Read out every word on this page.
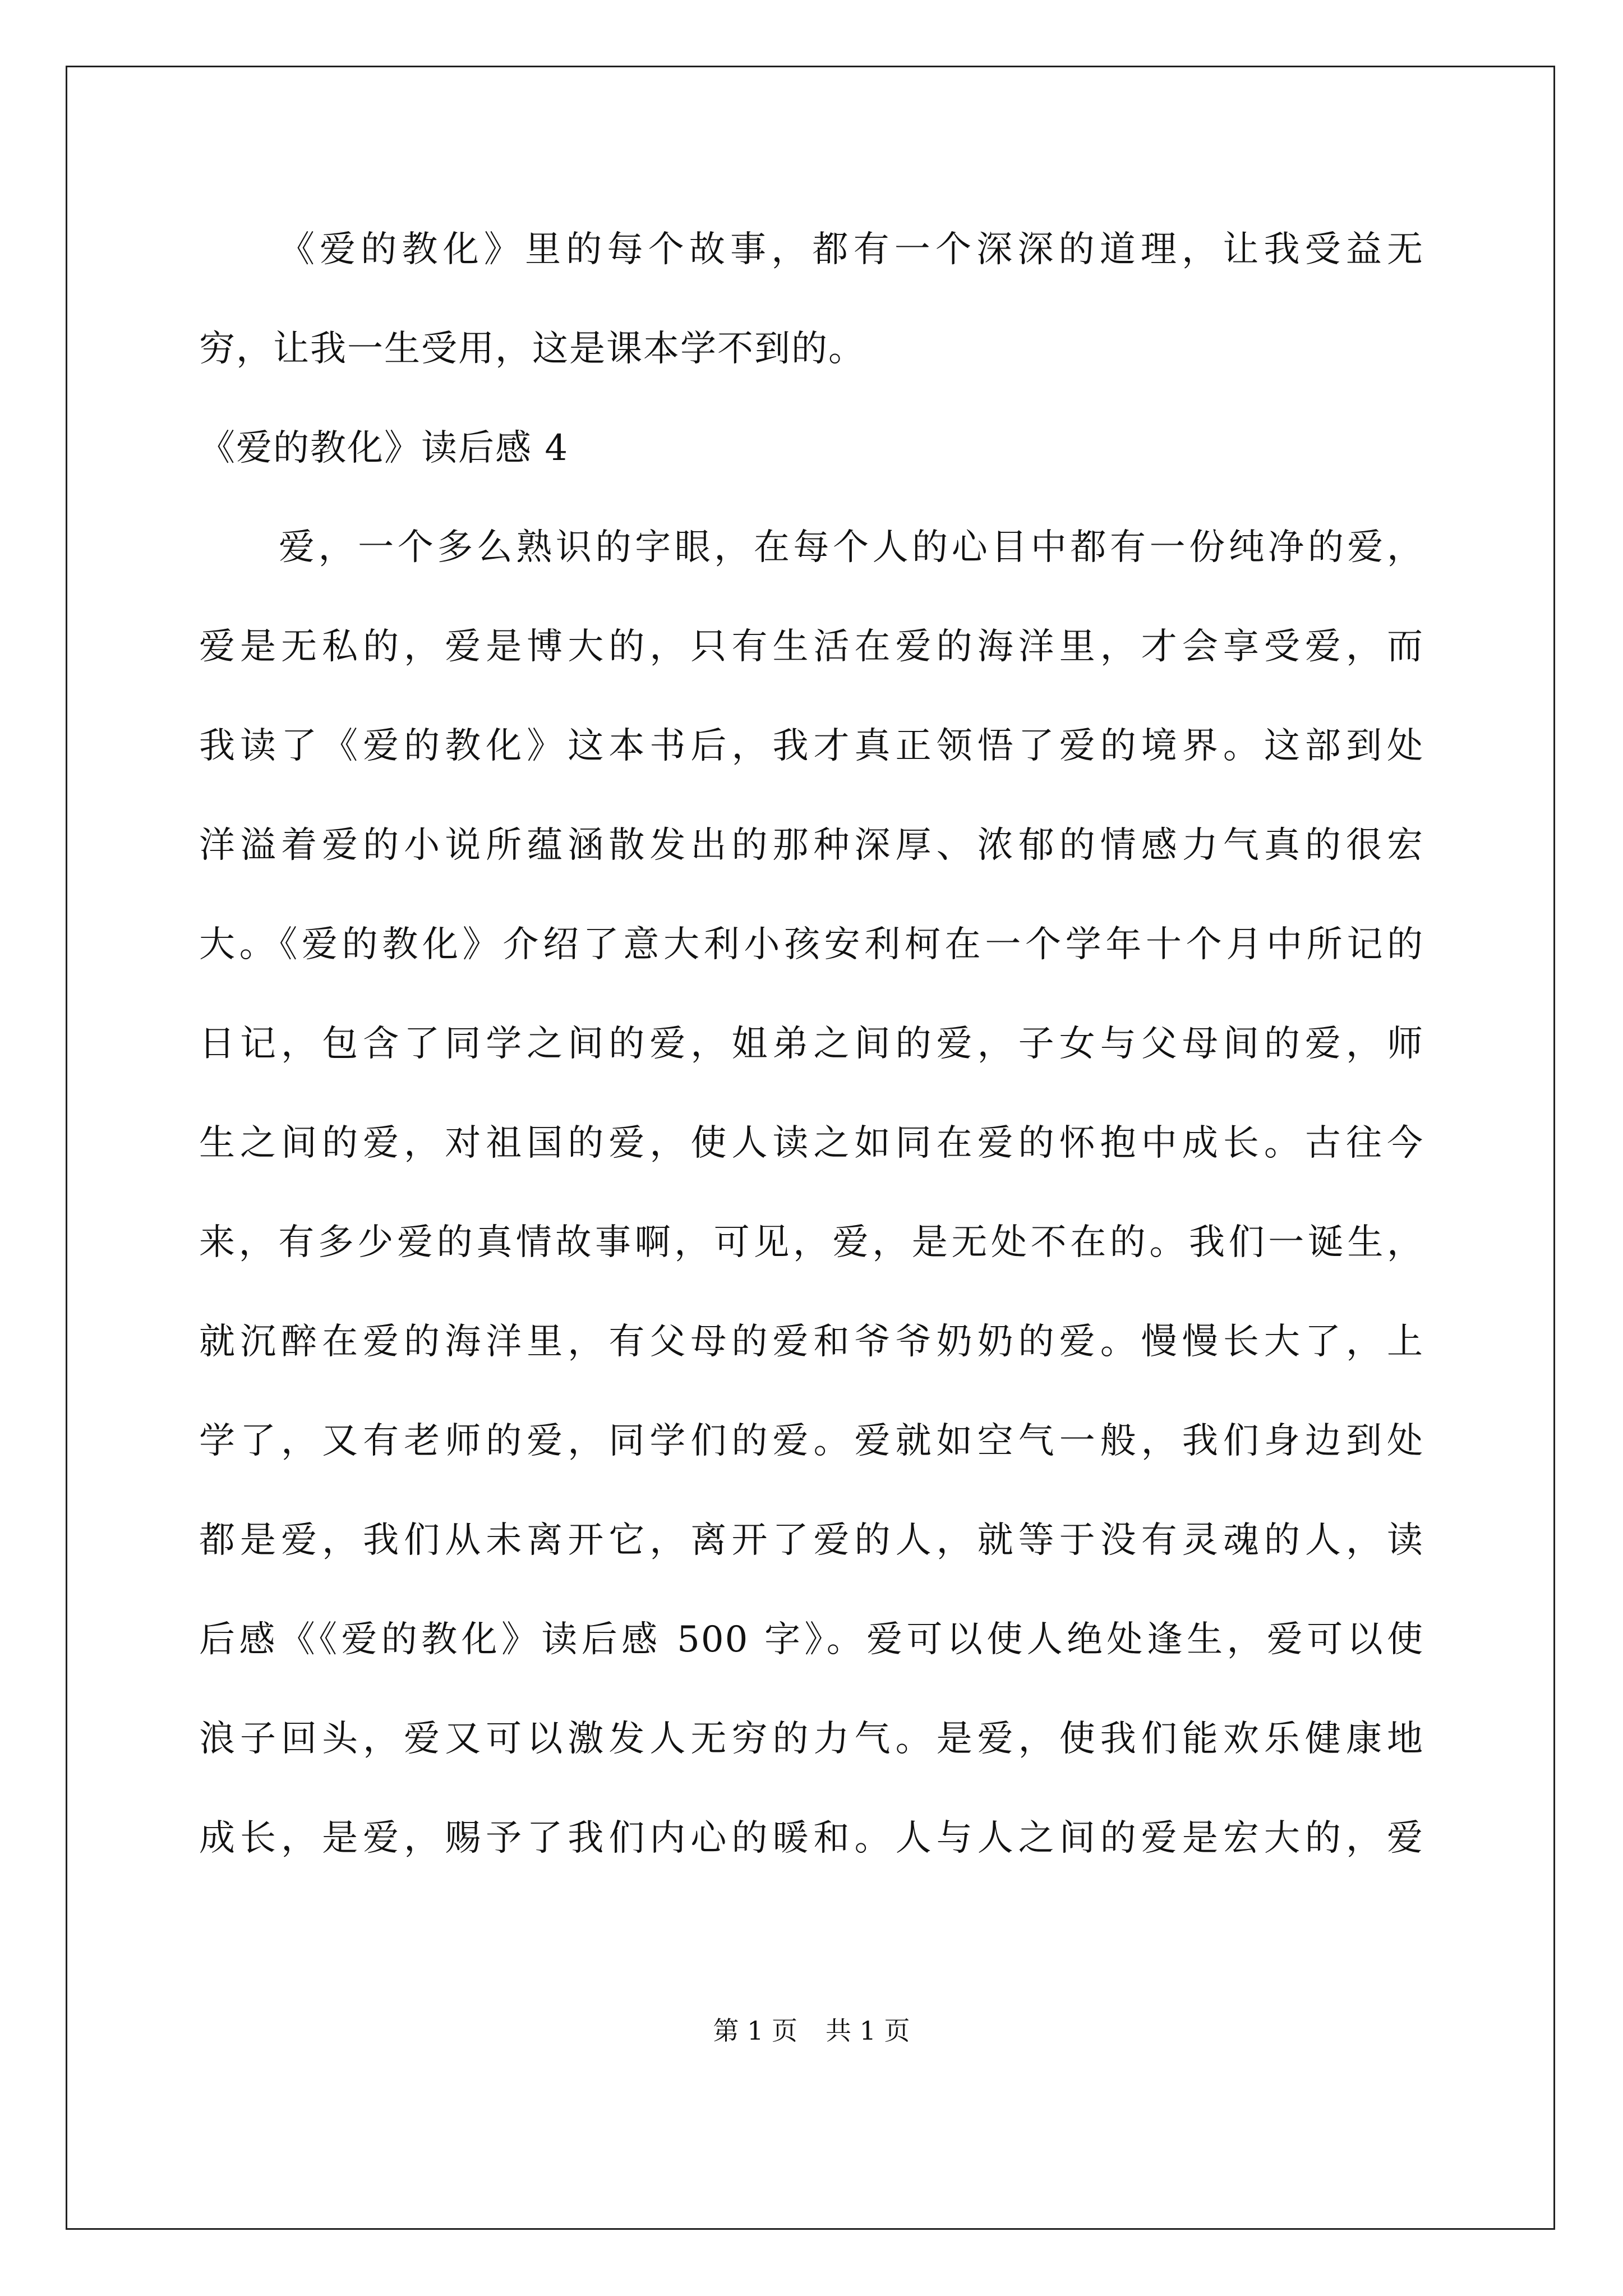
《爱的教化》里的每个故事，都有一个深深的道理，让我受益无
穷，让我一生受用，这是课本学不到的。
《爱的教化》读后感 4
爱，一个多么熟识的字眼，在每个人的心目中都有一份纯净的爱，
爱是无私的，爱是博大的，只有生活在爱的海洋里，才会享受爱，而
我读了《爱的教化》这本书后，我才真正领悟了爱的境界。这部到处
洋溢着爱的小说所蕴涵散发出的那种深厚、浓郁的情感力气真的很宏
大。《爱的教化》介绍了意大利小孩安利柯在一个学年十个月中所记的
日记，包含了同学之间的爱，姐弟之间的爱，子女与父母间的爱，师
生之间的爱，对祖国的爱，使人读之如同在爱的怀抱中成长。古往今
来，有多少爱的真情故事啊，可见，爱，是无处不在的。我们一诞生，
就沉醉在爱的海洋里，有父母的爱和爷爷奶奶的爱。慢慢长大了，上
学了，又有老师的爱，同学们的爱。爱就如空气一般，我们身边到处
都是爱，我们从未离开它，离开了爱的人，就等于没有灵魂的人，读
后感《《爱的教化》读后感 500 字》。爱可以使人绝处逢生，爱可以使
浪子回头，爱又可以激发人无穷的力气。是爱，使我们能欢乐健康地
成长，是爱，赐予了我们内心的暖和。人与人之间的爱是宏大的，爱
第 1 页 共 1 页
